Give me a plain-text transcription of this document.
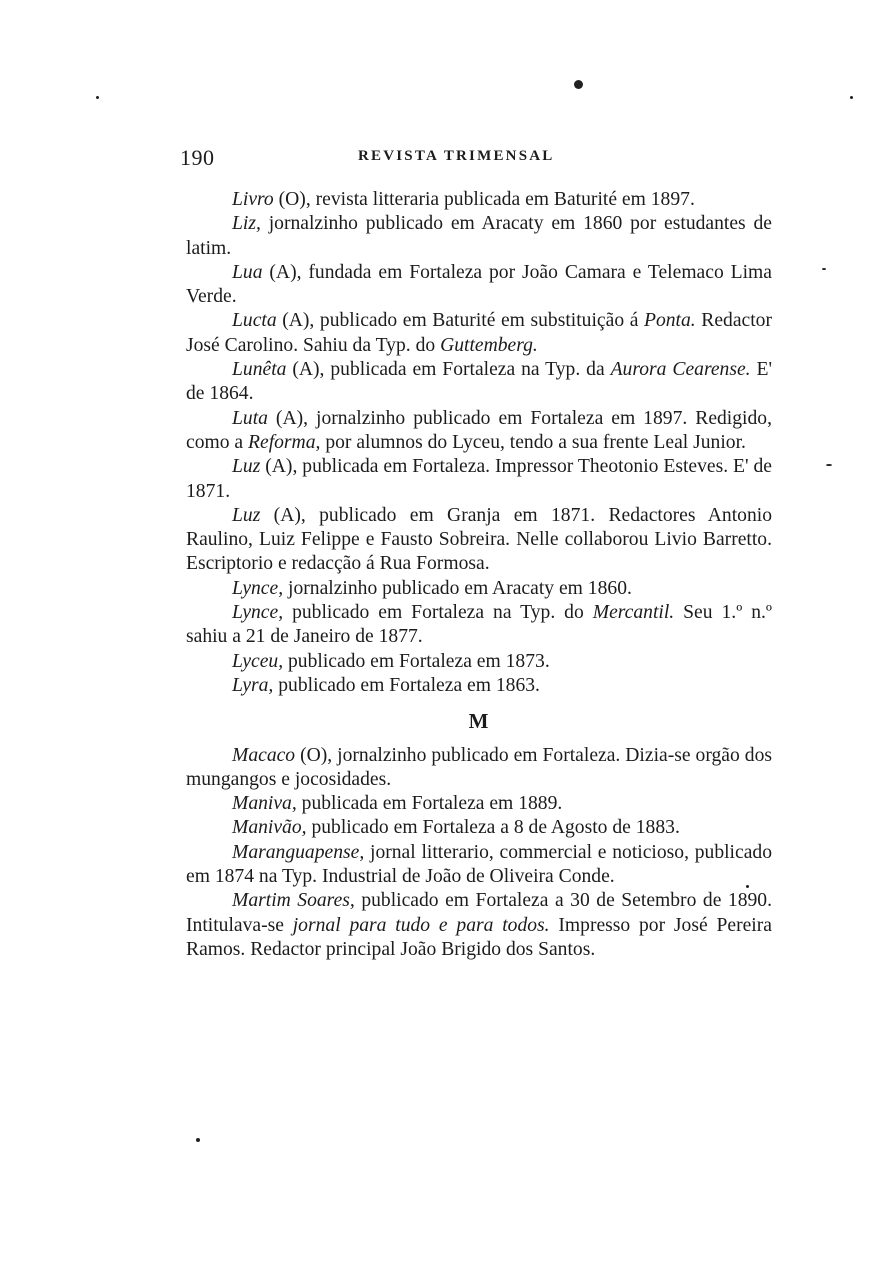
190	REVISTA TRIMENSAL

Livro (O), revista litteraria publicada em Baturité em 1897.

Liz, jornalzinho publicado em Aracaty em 1860 por estudantes de latim.

Lua (A), fundada em Fortaleza por João Camara e Telemaco Lima Verde.

Lucta (A), publicado em Baturité em substituição á Ponta. Redactor José Carolino. Sahiu da Typ. do Guttemberg.

Lunêta (A), publicada em Fortaleza na Typ. da Aurora Cearense. E' de 1864.

Luta (A), jornalzinho publicado em Fortaleza em 1897. Redigido, como a Reforma, por alumnos do Lyceu, tendo a sua frente Leal Junior.

Luz (A), publicada em Fortaleza. Impressor Theotonio Esteves. E' de 1871.

Luz (A), publicado em Granja em 1871. Redactores Antonio Raulino, Luiz Felippe e Fausto Sobreira. Nelle collaborou Livio Barretto. Escriptorio e redacção á Rua Formosa.

Lynce, jornalzinho publicado em Aracaty em 1860.

Lynce, publicado em Fortaleza na Typ. do Mercantil. Seu 1.º n.º sahiu a 21 de Janeiro de 1877.

Lyceu, publicado em Fortaleza em 1873.

Lyra, publicado em Fortaleza em 1863.

M

Macaco (O), jornalzinho publicado em Fortaleza. Dizia-se orgão dos mungangos e jocosidades.

Maniva, publicada em Fortaleza em 1889.

Manivão, publicado em Fortaleza a 8 de Agosto de 1883.

Maranguapense, jornal litterario, commercial e noticioso, publicado em 1874 na Typ. Industrial de João de Oliveira Conde.

Martim Soares, publicado em Fortaleza a 30 de Setembro de 1890. Intitulava-se jornal para tudo e para todos. Impresso por José Pereira Ramos. Redactor principal João Brigido dos Santos.
